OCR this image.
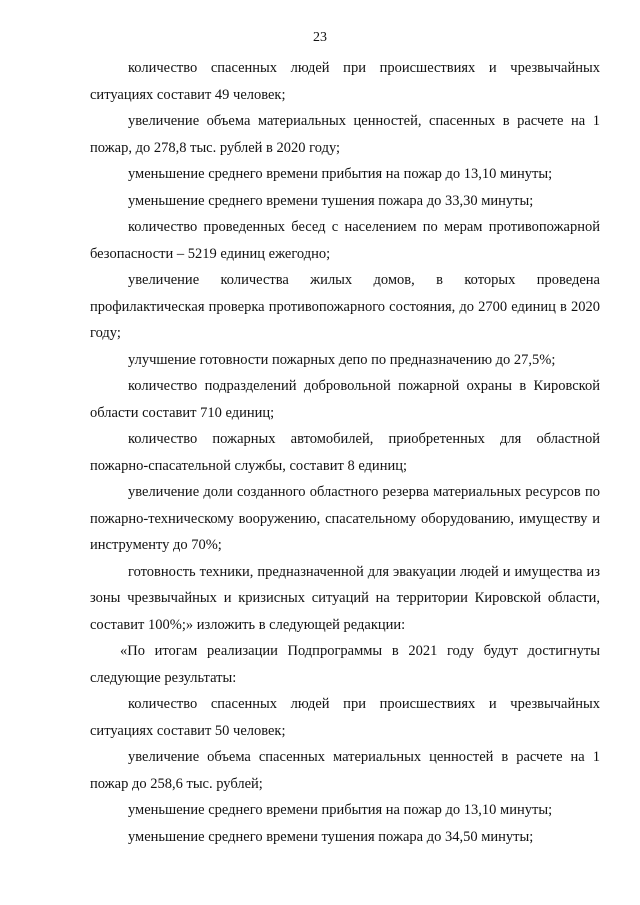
23

количество спасенных людей при происшествиях и чрезвычайных ситуациях составит 49 человек;

увеличение объема материальных ценностей, спасенных в расчете на 1 пожар, до 278,8 тыс. рублей в 2020 году;

уменьшение среднего времени прибытия на пожар до 13,10 минуты;

уменьшение среднего времени тушения пожара до 33,30 минуты;

количество проведенных бесед с населением по мерам противопожарной безопасности – 5219 единиц ежегодно;

увеличение количества жилых домов, в которых проведена профилактическая проверка противопожарного состояния, до 2700 единиц в 2020 году;

улучшение готовности пожарных депо по предназначению до 27,5%;

количество подразделений добровольной пожарной охраны в Кировской области составит 710 единиц;

количество пожарных автомобилей, приобретенных для областной пожарно-спасательной службы, составит 8 единиц;

увеличение доли созданного областного резерва материальных ресурсов по пожарно-техническому вооружению, спасательному оборудованию, имуществу и инструменту до 70%;

готовность техники, предназначенной для эвакуации людей и имущества из зоны чрезвычайных и кризисных ситуаций на территории Кировской области, составит 100%;» изложить в следующей редакции:

«По итогам реализации Подпрограммы в 2021 году будут достигнуты следующие результаты:

количество спасенных людей при происшествиях и чрезвычайных ситуациях составит 50 человек;

увеличение объема спасенных материальных ценностей в расчете на 1 пожар до 258,6 тыс. рублей;

уменьшение среднего времени прибытия на пожар до 13,10 минуты;

уменьшение среднего времени тушения пожара до 34,50 минуты;
